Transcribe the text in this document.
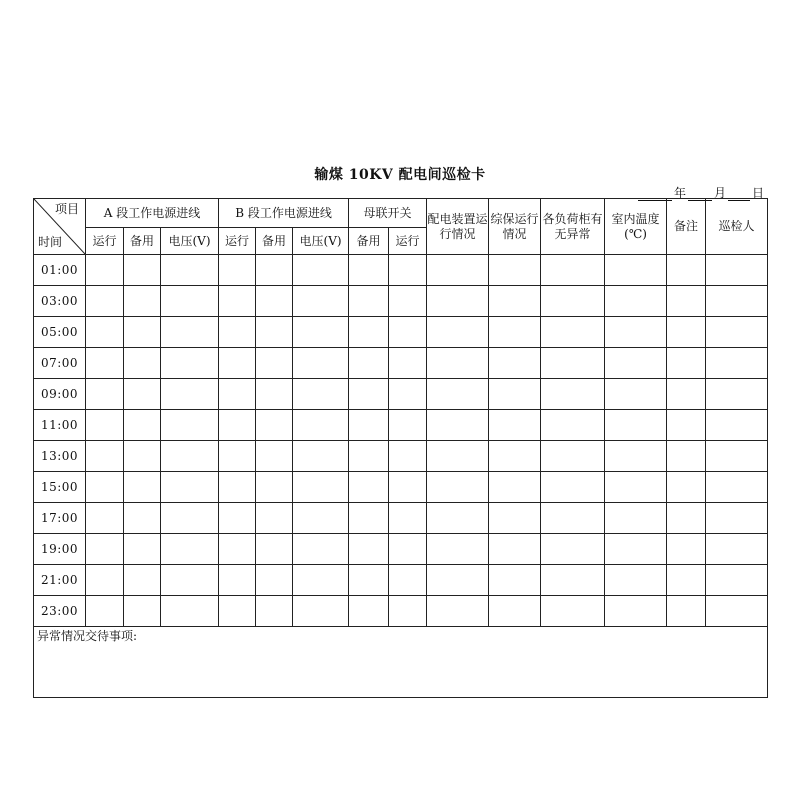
输煤 10KV 配电间巡检卡
年 月 日
项目
时间	A 段工作电源进线			B 段工作电源进线			母联开关		配电装置运行情况	综保运行情况	各负荷柜有无异常	室内温度(℃)	备注	巡检人
	运行	备用	电压(V)	运行	备用	电压(V)	备用	运行						
01:00														
03:00														
05:00														
07:00														
09:00														
11:00														
13:00														
15:00														
17:00														
19:00														
21:00														
23:00														
异常情况交待事项:														
